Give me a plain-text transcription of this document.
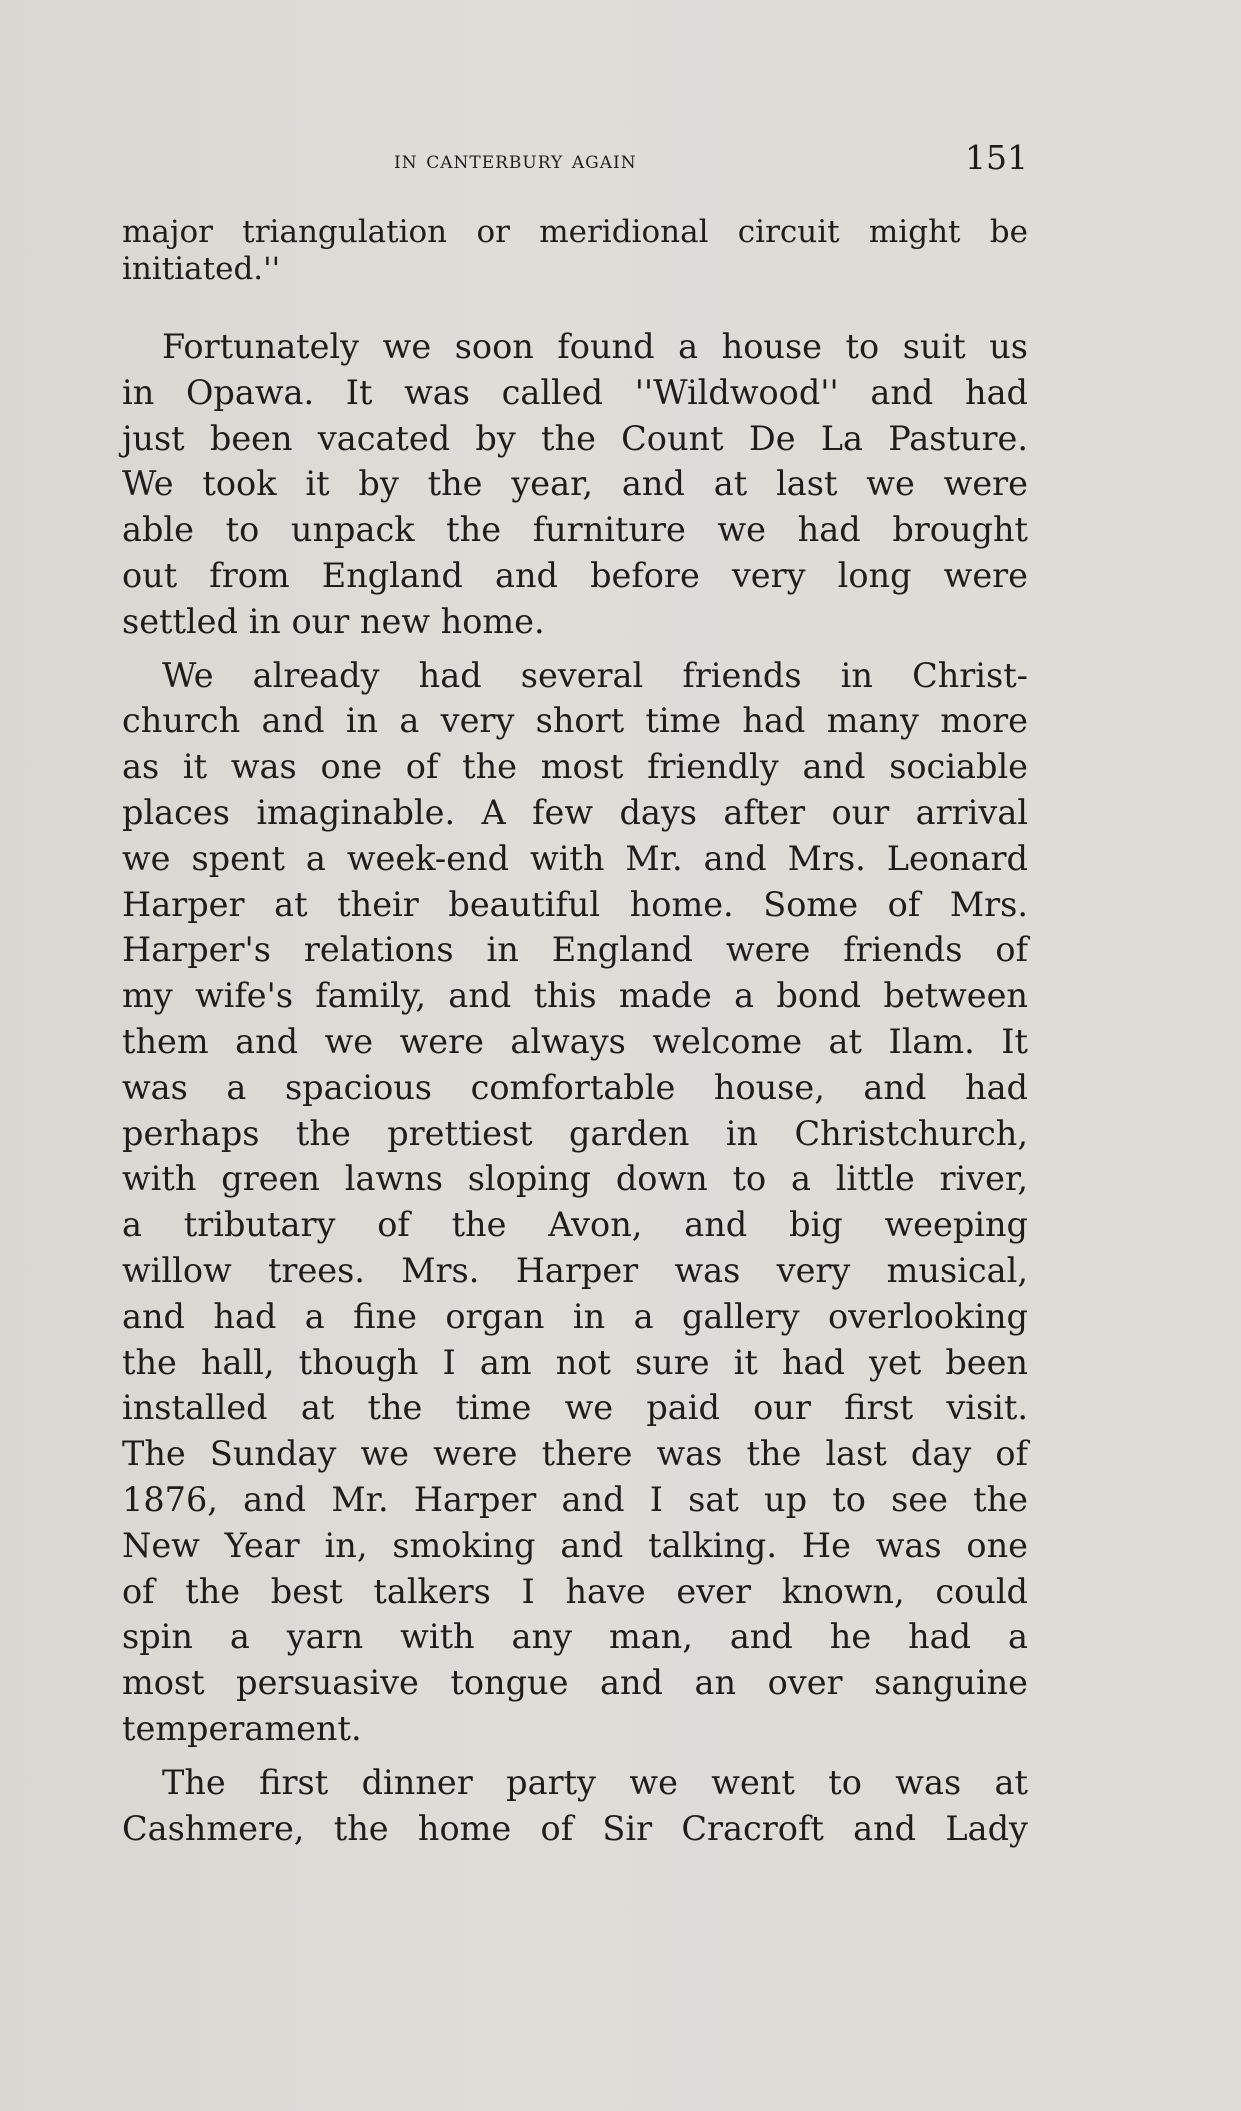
in canterbury again	151

major triangulation or meridional circuit might be
initiated.''

Fortunately we soon found a house to suit us
in Opawa. It was called ''Wildwood'' and had
just been vacated by the Count De La Pasture.
We took it by the year, and at last we were
able to unpack the furniture we had brought
out from England and before very long were
settled in our new home.

We already had several friends in Christ-
church and in a very short time had many more
as it was one of the most friendly and sociable
places imaginable. A few days after our arrival
we spent a week-end with Mr. and Mrs. Leonard
Harper at their beautiful home. Some of Mrs.
Harper's relations in England were friends of
my wife's family, and this made a bond between
them and we were always welcome at Ilam. It
was a spacious comfortable house, and had
perhaps the prettiest garden in Christchurch,
with green lawns sloping down to a little river,
a tributary of the Avon, and big weeping
willow trees. Mrs. Harper was very musical,
and had a fine organ in a gallery overlooking
the hall, though I am not sure it had yet been
installed at the time we paid our first visit.
The Sunday we were there was the last day of
1876, and Mr. Harper and I sat up to see the
New Year in, smoking and talking. He was one
of the best talkers I have ever known, could
spin a yarn with any man, and he had a
most persuasive tongue and an over sanguine
temperament.

The first dinner party we went to was at
Cashmere, the home of Sir Cracroft and Lady
